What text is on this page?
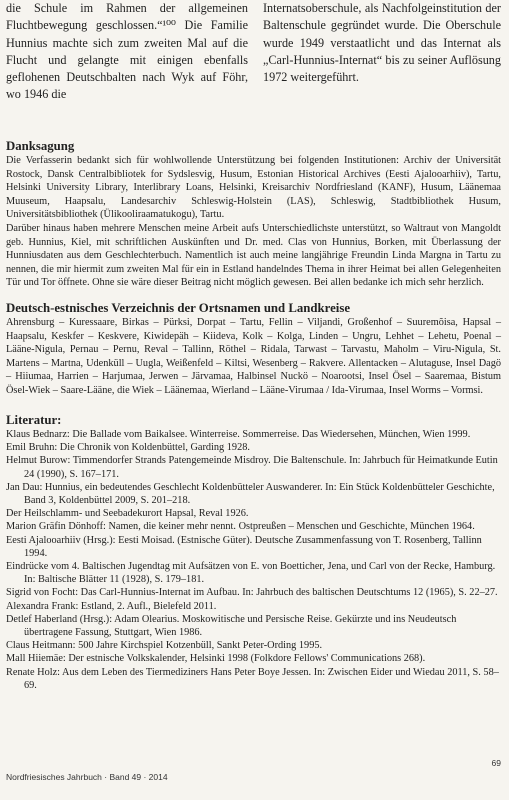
die Schule im Rahmen der allgemeinen Fluchtbewegung geschlossen.“¹⁰⁰ Die Familie Hunnius machte sich zum zweiten Mal auf die Flucht und gelangte mit einigen ebenfalls geflohenen Deutschbalten nach Wyk auf Föhr, wo 1946 die

Internatsoberschule, als Nachfolgeinstitution der Baltenschule gegründet wurde. Die Oberschule wurde 1949 verstaatlicht und das Internat als „Carl-Hunnius-Internat“ bis zu seiner Auflösung 1972 weitergeführt.

Danksagung

Die Verfasserin bedankt sich für wohlwollende Unterstützung bei folgenden Institutionen: Archiv der Universität Rostock, Dansk Centralbibliotek for Sydslesvig, Husum, Estonian Historical Archives (Eesti Ajalooarhiiv), Tartu, Helsinki University Library, Interlibrary Loans, Helsinki, Kreisarchiv Nordfriesland (KANF), Husum, Läänemaa Muuseum, Haapsalu, Landesarchiv Schleswig-Holstein (LAS), Schleswig, Stadtbibliothek Husum, Universitätsbibliothek (Ülikooliraamatukogu), Tartu.

Darüber hinaus haben mehrere Menschen meine Arbeit aufs Unterschiedlichste unterstützt, so Waltraut von Mangoldt geb. Hunnius, Kiel, mit schriftlichen Auskünften und Dr. med. Clas von Hunnius, Borken, mit Überlassung der Hunniusdaten aus dem Geschlechterbuch. Namentlich ist auch meine langjährige Freundin Linda Margna in Tartu zu nennen, die mir hiermit zum zweiten Mal für ein in Estland handelndes Thema in ihrer Heimat bei allen Gelegenheiten Tür und Tor öffnete. Ohne sie wäre dieser Beitrag nicht möglich gewesen. Bei allen bedanke ich mich sehr herzlich.

Deutsch-estnisches Verzeichnis der Ortsnamen und Landkreise

Ahrensburg – Kuressaare, Birkas – Pürksi, Dorpat – Tartu, Fellin – Viljandi, Großenhof – Suuremõisa, Hapsal – Haapsalu, Keskfer – Keskvere, Kiwidepäh – Kiideva, Kolk – Kolga, Linden – Ungru, Lehhet – Lehetu, Poenal – Lääne-Nigula, Pernau – Pernu, Reval – Tallinn, Röthel – Ridala, Tarwast – Tarvastu, Maholm – Viru-Nigula, St. Martens – Martna, Udenküll – Uugla, Weißenfeld – Kiltsi, Wesenberg – Rakvere. Allentacken – Alutaguse, Insel Dagö – Hiiumaa, Harrien – Harjumaa, Jerwen – Järvamaa, Halbinsel Nuckö – Noarootsi, Insel Ösel – Saaremaa, Bistum Ösel-Wiek – Saare-Lääne, die Wiek – Läänemaa, Wierland – Lääne-Virumaa / Ida-Virumaa, Insel Worms – Vormsi.

Literatur:

Klaus Bednarz: Die Ballade vom Baikalsee. Winterreise. Sommerreise. Das Wiedersehen, München, Wien 1999.

Emil Bruhn: Die Chronik von Koldenbüttel, Garding 1928.

Helmut Burow: Timmendorfer Strands Patengemeinde Misdroy. Die Baltenschule. In: Jahrbuch für Heimatkunde Eutin 24 (1990), S. 167–171.

Jan Dau: Hunnius, ein bedeutendes Geschlecht Koldenbütteler Auswanderer. In: Ein Stück Koldenbütteler Geschichte, Band 3, Koldenbüttel 2009, S. 201–218.

Der Heilschlamm- und Seebadekurort Hapsal, Reval 1926.

Marion Gräfin Dönhoff: Namen, die keiner mehr nennt. Ostpreußen – Menschen und Geschichte, München 1964.

Eesti Ajalooarhiiv (Hrsg.): Eesti Moisad. (Estnische Güter). Deutsche Zusammenfassung von T. Rosenberg, Tallinn 1994.

Eindrücke vom 4. Baltischen Jugendtag mit Aufsätzen von E. von Boetticher, Jena, und Carl von der Recke, Hamburg. In: Baltische Blätter 11 (1928), S. 179–181.

Sigrid von Focht: Das Carl-Hunnius-Internat im Aufbau. In: Jahrbuch des baltischen Deutschtums 12 (1965), S. 22–27.

Alexandra Frank: Estland, 2. Aufl., Bielefeld 2011.

Detlef Haberland (Hrsg.): Adam Olearius. Moskowitische und Persische Reise. Gekürzte und ins Neudeutsch übertragene Fassung, Stuttgart, Wien 1986.

Claus Heitmann: 500 Jahre Kirchspiel Kotzenbüll, Sankt Peter-Ording 1995.

Mall Hiiemäe: Der estnische Volkskalender, Helsinki 1998 (Folkdore Fellows' Communications 268).

Renate Holz: Aus dem Leben des Tiermediziners Hans Peter Boye Jessen. In: Zwischen Eider und Wiedau 2011, S. 58–69.

Nordfriesisches Jahrbuch · Band 49 · 2014
69
